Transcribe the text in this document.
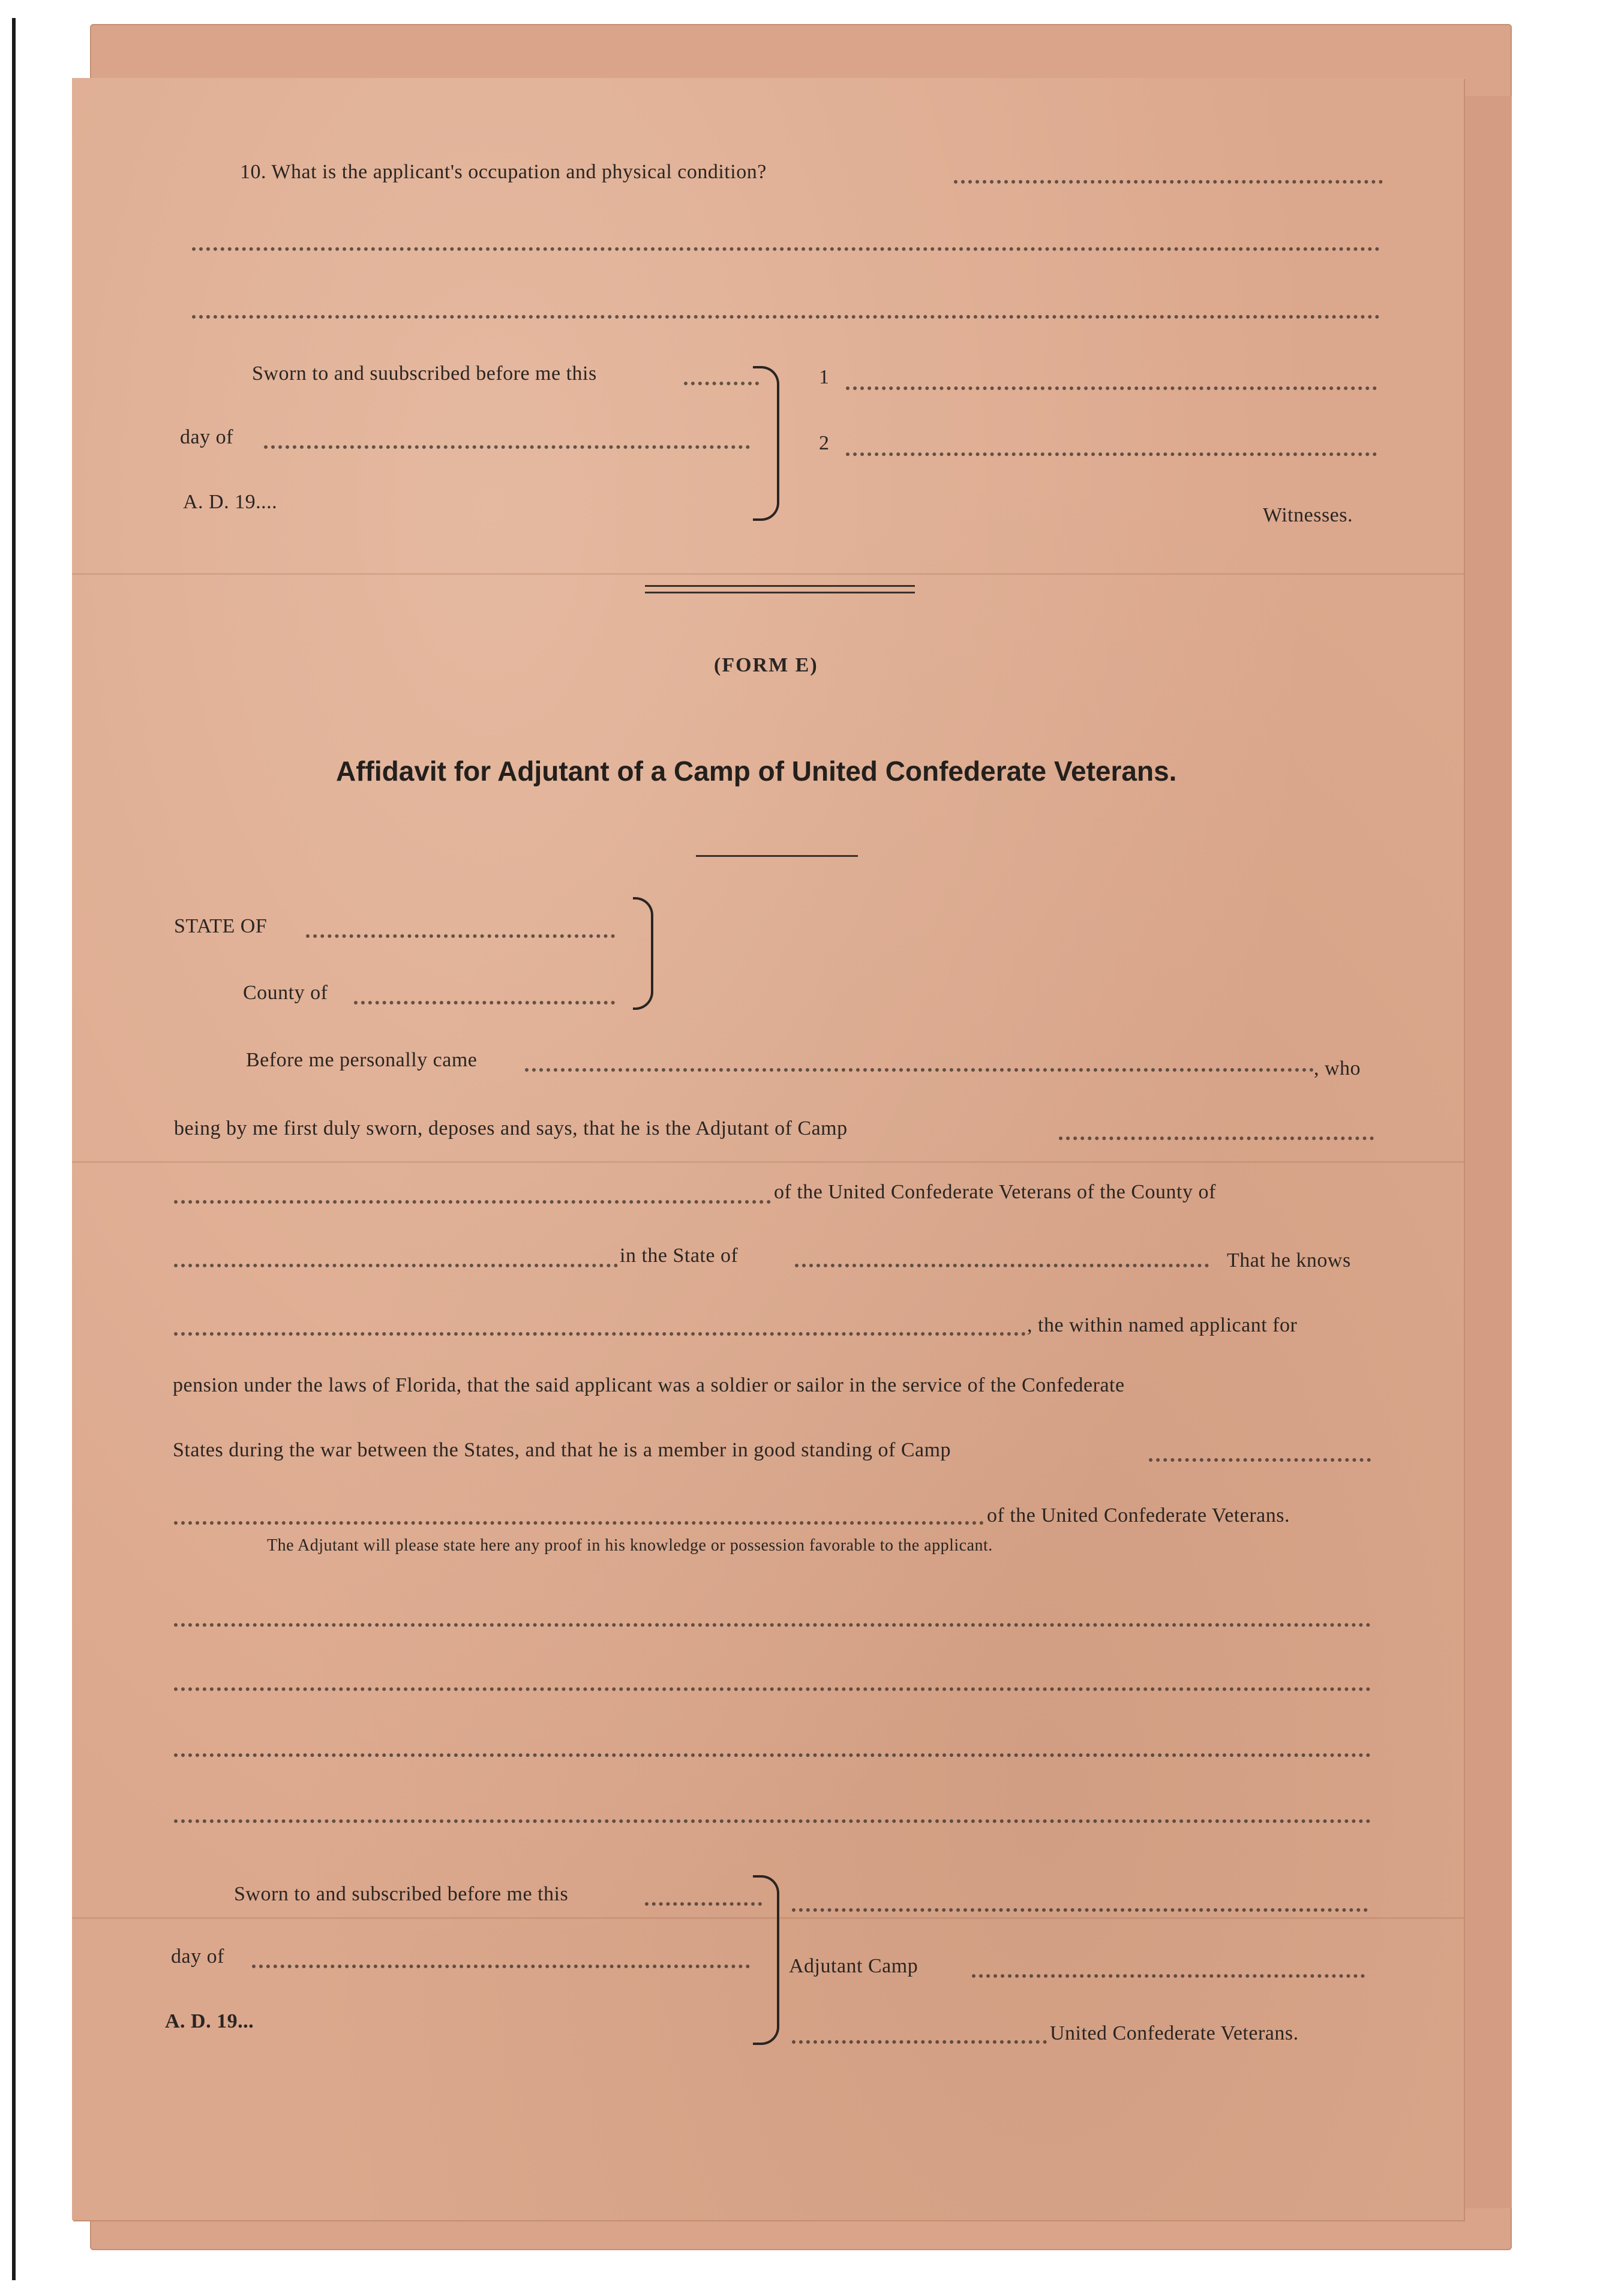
10. What is the applicant's occupation and physical condition?
Sworn to and suubscribed before me this
day of
A. D. 19....
1
2
Witnesses.
(FORM E)
Affidavit for Adjutant of a Camp of United Confederate Veterans.
STATE OF
County of
Before me personally came	, who
being by me first duly sworn, deposes and says, that he is the Adjutant of Camp
of the United Confederate Veterans of the County of
in the State of	That he knows
, the within named applicant for
pension under the laws of Florida, that the said applicant was a soldier or sailor in the service of the Confederate
States during the war between the States, and that he is a member in good standing of Camp
of the United Confederate Veterans.
The Adjutant will please state here any proof in his knowledge or possession favorable to the applicant.
Sworn to and subscribed before me this
day of
A. D. 19...
Adjutant Camp
United Confederate Veterans.
